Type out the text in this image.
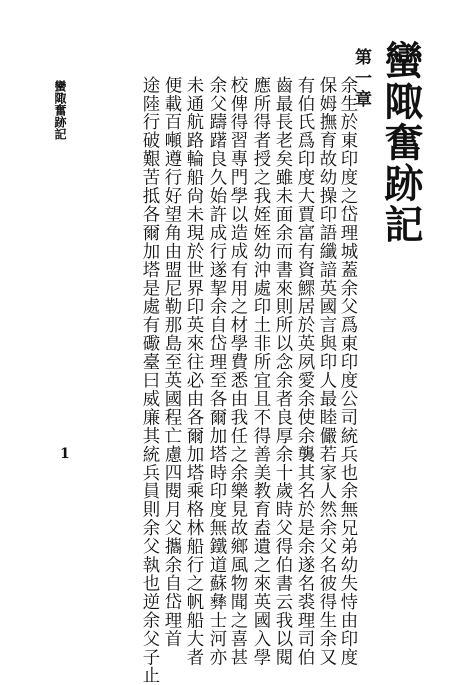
蠻陬奮跡記
第一章
余生於東印度之岱理城蓋余父爲東印度公司統兵也余無兄弟幼失恃由印度
保姆撫育故幼操印語纖諳英國言與印人最睦儼若家人然余父名彼得生余又
有伯氏爲印度大賈富有資鰥居於英夙愛余使余襲其名於是余遂名裘理司伯
齒最長老矣雖未面余而書來則所以念余者良厚余十歲時父得伯書云我以閱
應所得者授之我姪姪幼沖處印土非所宜且不得善美教育盍遺之來英國入學
校俾得習專門學以造成有用之材學費悉由我任之余樂見故鄉風物聞之喜甚
余父躊躇良久始許成行遂挈余自岱理至各爾加塔時印度無鐵道蘇彝士河亦
未通航路輪船尙未現於世界印英來往必由各爾加塔乘格林船行之帆船大者
便載百噸遵行好望角由盟尼勒那島至英國程亡慮四閱月父攜余自岱理首
途陸行破艱苦抵各爾加塔是處有礮臺曰威廉其統兵員則余父執也逆余父子止
蠻陬奮跡記
1
